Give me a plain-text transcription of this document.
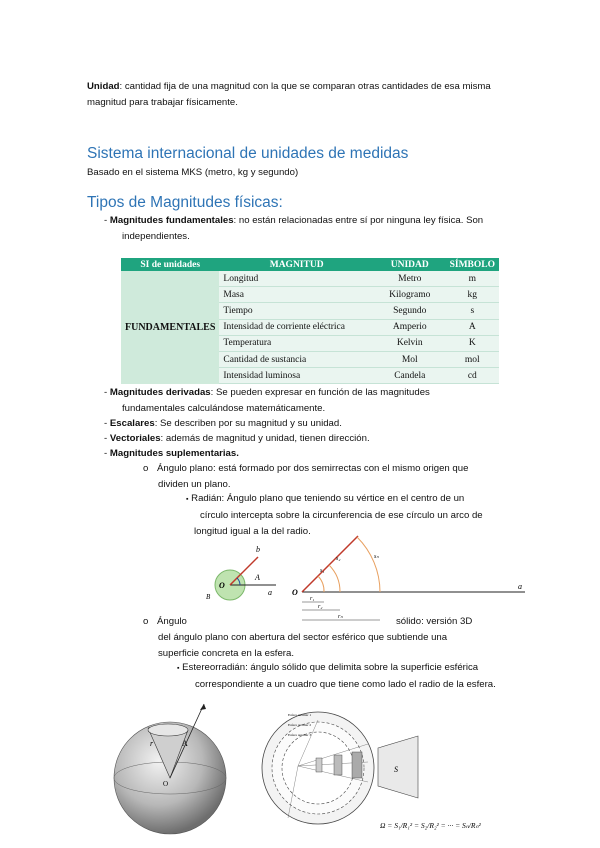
Unidad: cantidad fija de una magnitud con la que se comparan otras cantidades de esa misma
magnitud para trabajar físicamente.
Sistema internacional de unidades de medidas
Basado en el sistema MKS (metro, kg y segundo)
Tipos de Magnitudes físicas:
- Magnitudes fundamentales: no están relacionadas entre sí por ninguna ley física. Son
independientes.
SI de unidades	MAGNITUD	UNIDAD	SÍMBOLO
FUNDAMENTALES	Longitud	Metro	m
	Masa	Kilogramo	kg
	Tiempo	Segundo	s
	Intensidad de corriente eléctrica	Amperio	A
	Temperatura	Kelvin	K
	Cantidad de sustancia	Mol	mol
	Intensidad luminosa	Candela	cd
- Magnitudes derivadas: Se pueden expresar en función de las magnitudes
fundamentales calculándose matemáticamente.
- Escalares: Se describen por su magnitud y su unidad.
- Vectoriales: además de magnitud y unidad, tienen dirección.
- Magnitudes suplementarias.
o Ángulo plano: está formado por dos semirrectas con el mismo origen que
dividen un plano.
▪ Radián: Ángulo plano que teniendo su vértice en el centro de un
círculo intercepta sobre la circunferencia de ese círculo un arco de
longitud igual a la del radio.
b
A
O
B	a	O
a
r₁
r₂
rₙ
s₁
s₂	sₙ
o Ángulo	sólido: versión 3D
del ángulo plano con abertura del sector esférico que subtiende una
superficie concreta en la esfera.
▪ Estereorradián: ángulo sólido que delimita sobre la superficie esférica
correspondiente a un cuadro que tiene como lado el radio de la esfera.
r	A
O
Esfera auxiliar 1
Esfera auxiliar 2
Esfera auxiliar 3
S
Ω = S₁/R₁² = S₂/R₂² = ··· = Sₙ/Rₙ²
